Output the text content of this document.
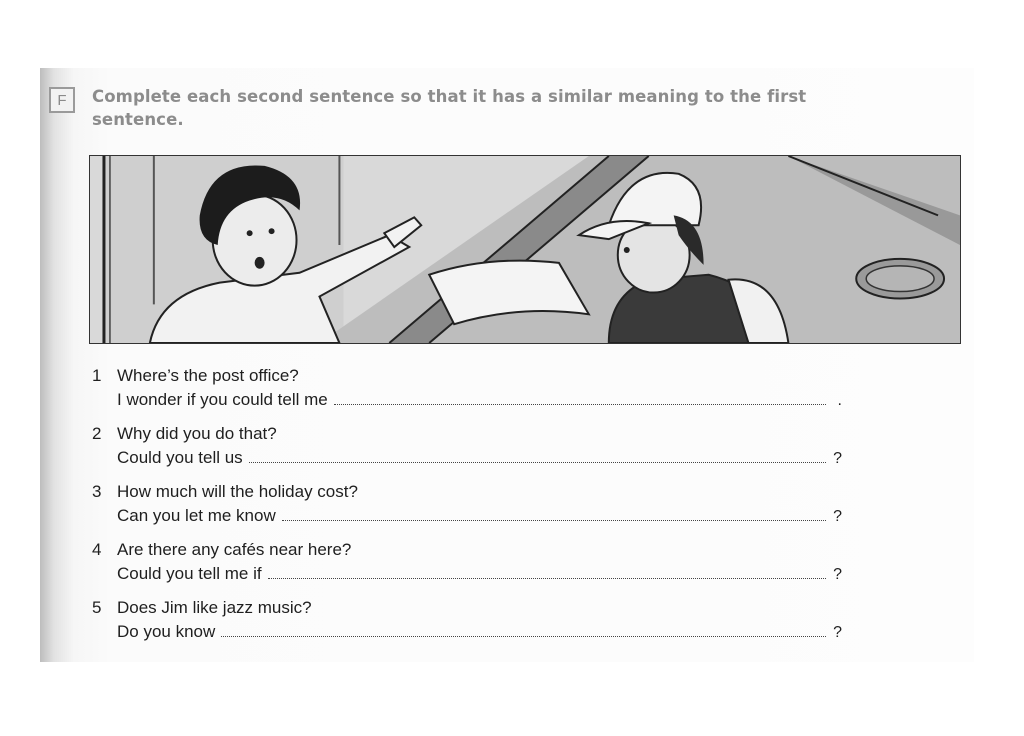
F	Complete each second sentence so that it has a similar meaning to the first sentence.
1 Where’s the post office?
I wonder if you could tell me	.
2 Why did you do that?
Could you tell us	?
3 How much will the holiday cost?
Can you let me know	?
4 Are there any cafés near here?
Could you tell me if	?
5 Does Jim like jazz music?
Do you know	?
